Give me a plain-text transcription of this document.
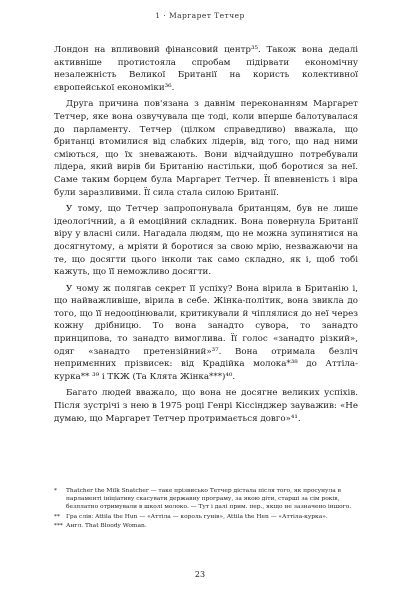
1 · Маргарет Тетчер

Лондон на впливовий фінансовий центр³⁵. Також вона дедалі активніше протистояла спробам підірвати економічну незалежність Великої Британії на користь колективної європейської економіки³⁶.

Друга причина пов'язана з давнім переконанням Маргарет Тетчер, яке вона озвучувала ще тоді, коли вперше балотувалася до парламенту. Тетчер (цілком справедливо) вважала, що британці втомилися від слабких лідерів, від того, що над ними сміються, що їх зневажають. Вони відчайдушно потребували лідера, який вирів би Британію настільки, щоб боротися за неї. Саме таким борцем була Маргарет Тетчер. Її впевненість і віра були заразливими. Її сила стала силою Британії.

У тому, що Тетчер запропонувала британцям, був не лише ідеологічний, а й емоційний складник. Вона повернула Британії віру у власні сили. Нагадала людям, що не можна зупинятися на досягнутому, а мріяти й боротися за свою мрію, незважаючи на те, що досягти цього інколи так само складно, як і, щоб тобі кажуть, що її неможливо досягти.

У чому ж полягав секрет її успіху? Вона вірила в Британію і, що найважливіше, вірила в себе. Жінка-політик, вона звикла до того, що її недооцінювали, критикували й чіплялися до неї через кожну дрібницю. То вона занадто сувора, то занадто принципова, то занадто вимоглива. Її голос «занадто різкий», одяг «занадто претензійний»³⁷. Вона отримала безліч непримєнних прізвисек: від Крадійка молока*³⁸ до Аттіла-курка** ³⁹ і ТКЖ (Та Клята Жінка***)⁴⁰.

Багато людей вважало, що вона не досягне великих успіхів. Після зустрічі з нею в 1975 році Генрі Кіссінджер зауважив: «Не думаю, що Маргарет Тетчер протримається довго»⁴¹.

*	Thatcher the Milk Snatcher — таке прізвисько Тетчер дістала після того, як просунула в парламенті ініціативу скасувати державну програму, за якою діти, старші за сім років, безплатно отримували в школі молоко. — Тут і далі прим. пер., якщо не зазначено іншого.
**	Гра слів: Attila the Hun — «Аттіла — король гунів», Attila the Hen — «Аттіла-курка».
*** Англ. That Bloody Woman.
23
